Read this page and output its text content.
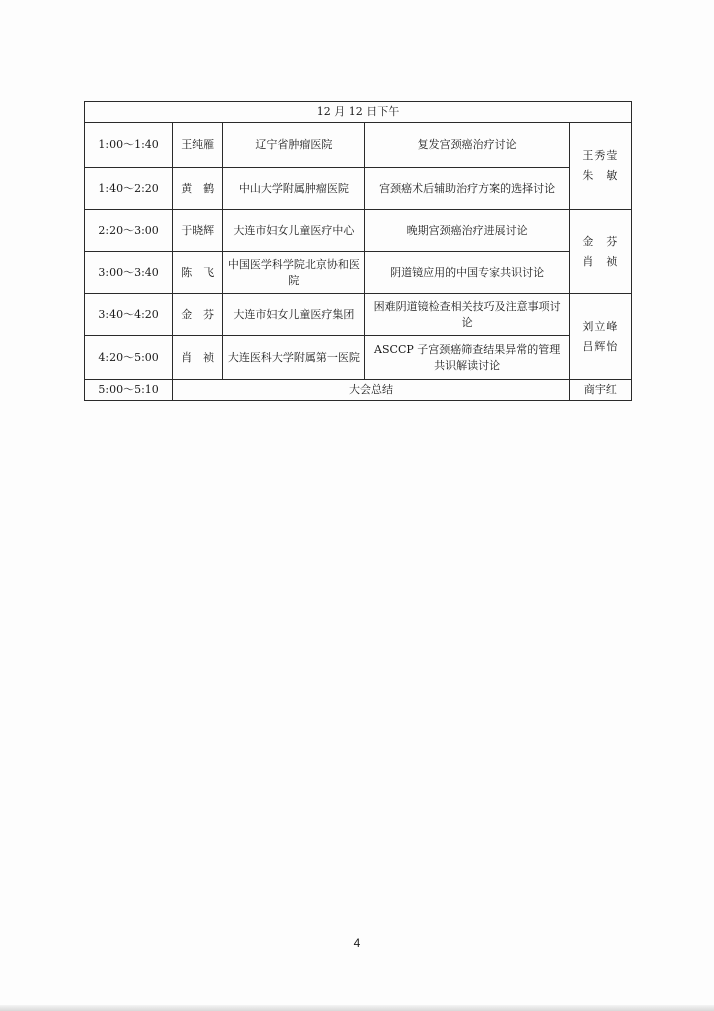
12 月 12 日下午				
1:00～1:40	王纯雁	辽宁省肿瘤医院	复发宫颈癌治疗讨论	王秀莹
朱　敏

1:40～2:20	黄　鹤	中山大学附属肿瘤医院	宫颈癌术后辅助治疗方案的选择讨论	
2:20～3:00	于晓辉	大连市妇女儿童医疗中心	晚期宫颈癌治疗进展讨论	金　芬
肖　祯

3:00～3:40	陈　飞	中国医学科学院北京协和医院	阴道镜应用的中国专家共识讨论	
3:40～4:20	金　芬	大连市妇女儿童医疗集团	困难阴道镜检查相关技巧及注意事项讨论	刘立峰
吕辉怡

4:20～5:00	肖　祯	大连医科大学附属第一医院	ASCCP 子宫颈癌筛查结果异常的管理共识解读讨论	
5:00～5:10	大会总结			商宇红
4
